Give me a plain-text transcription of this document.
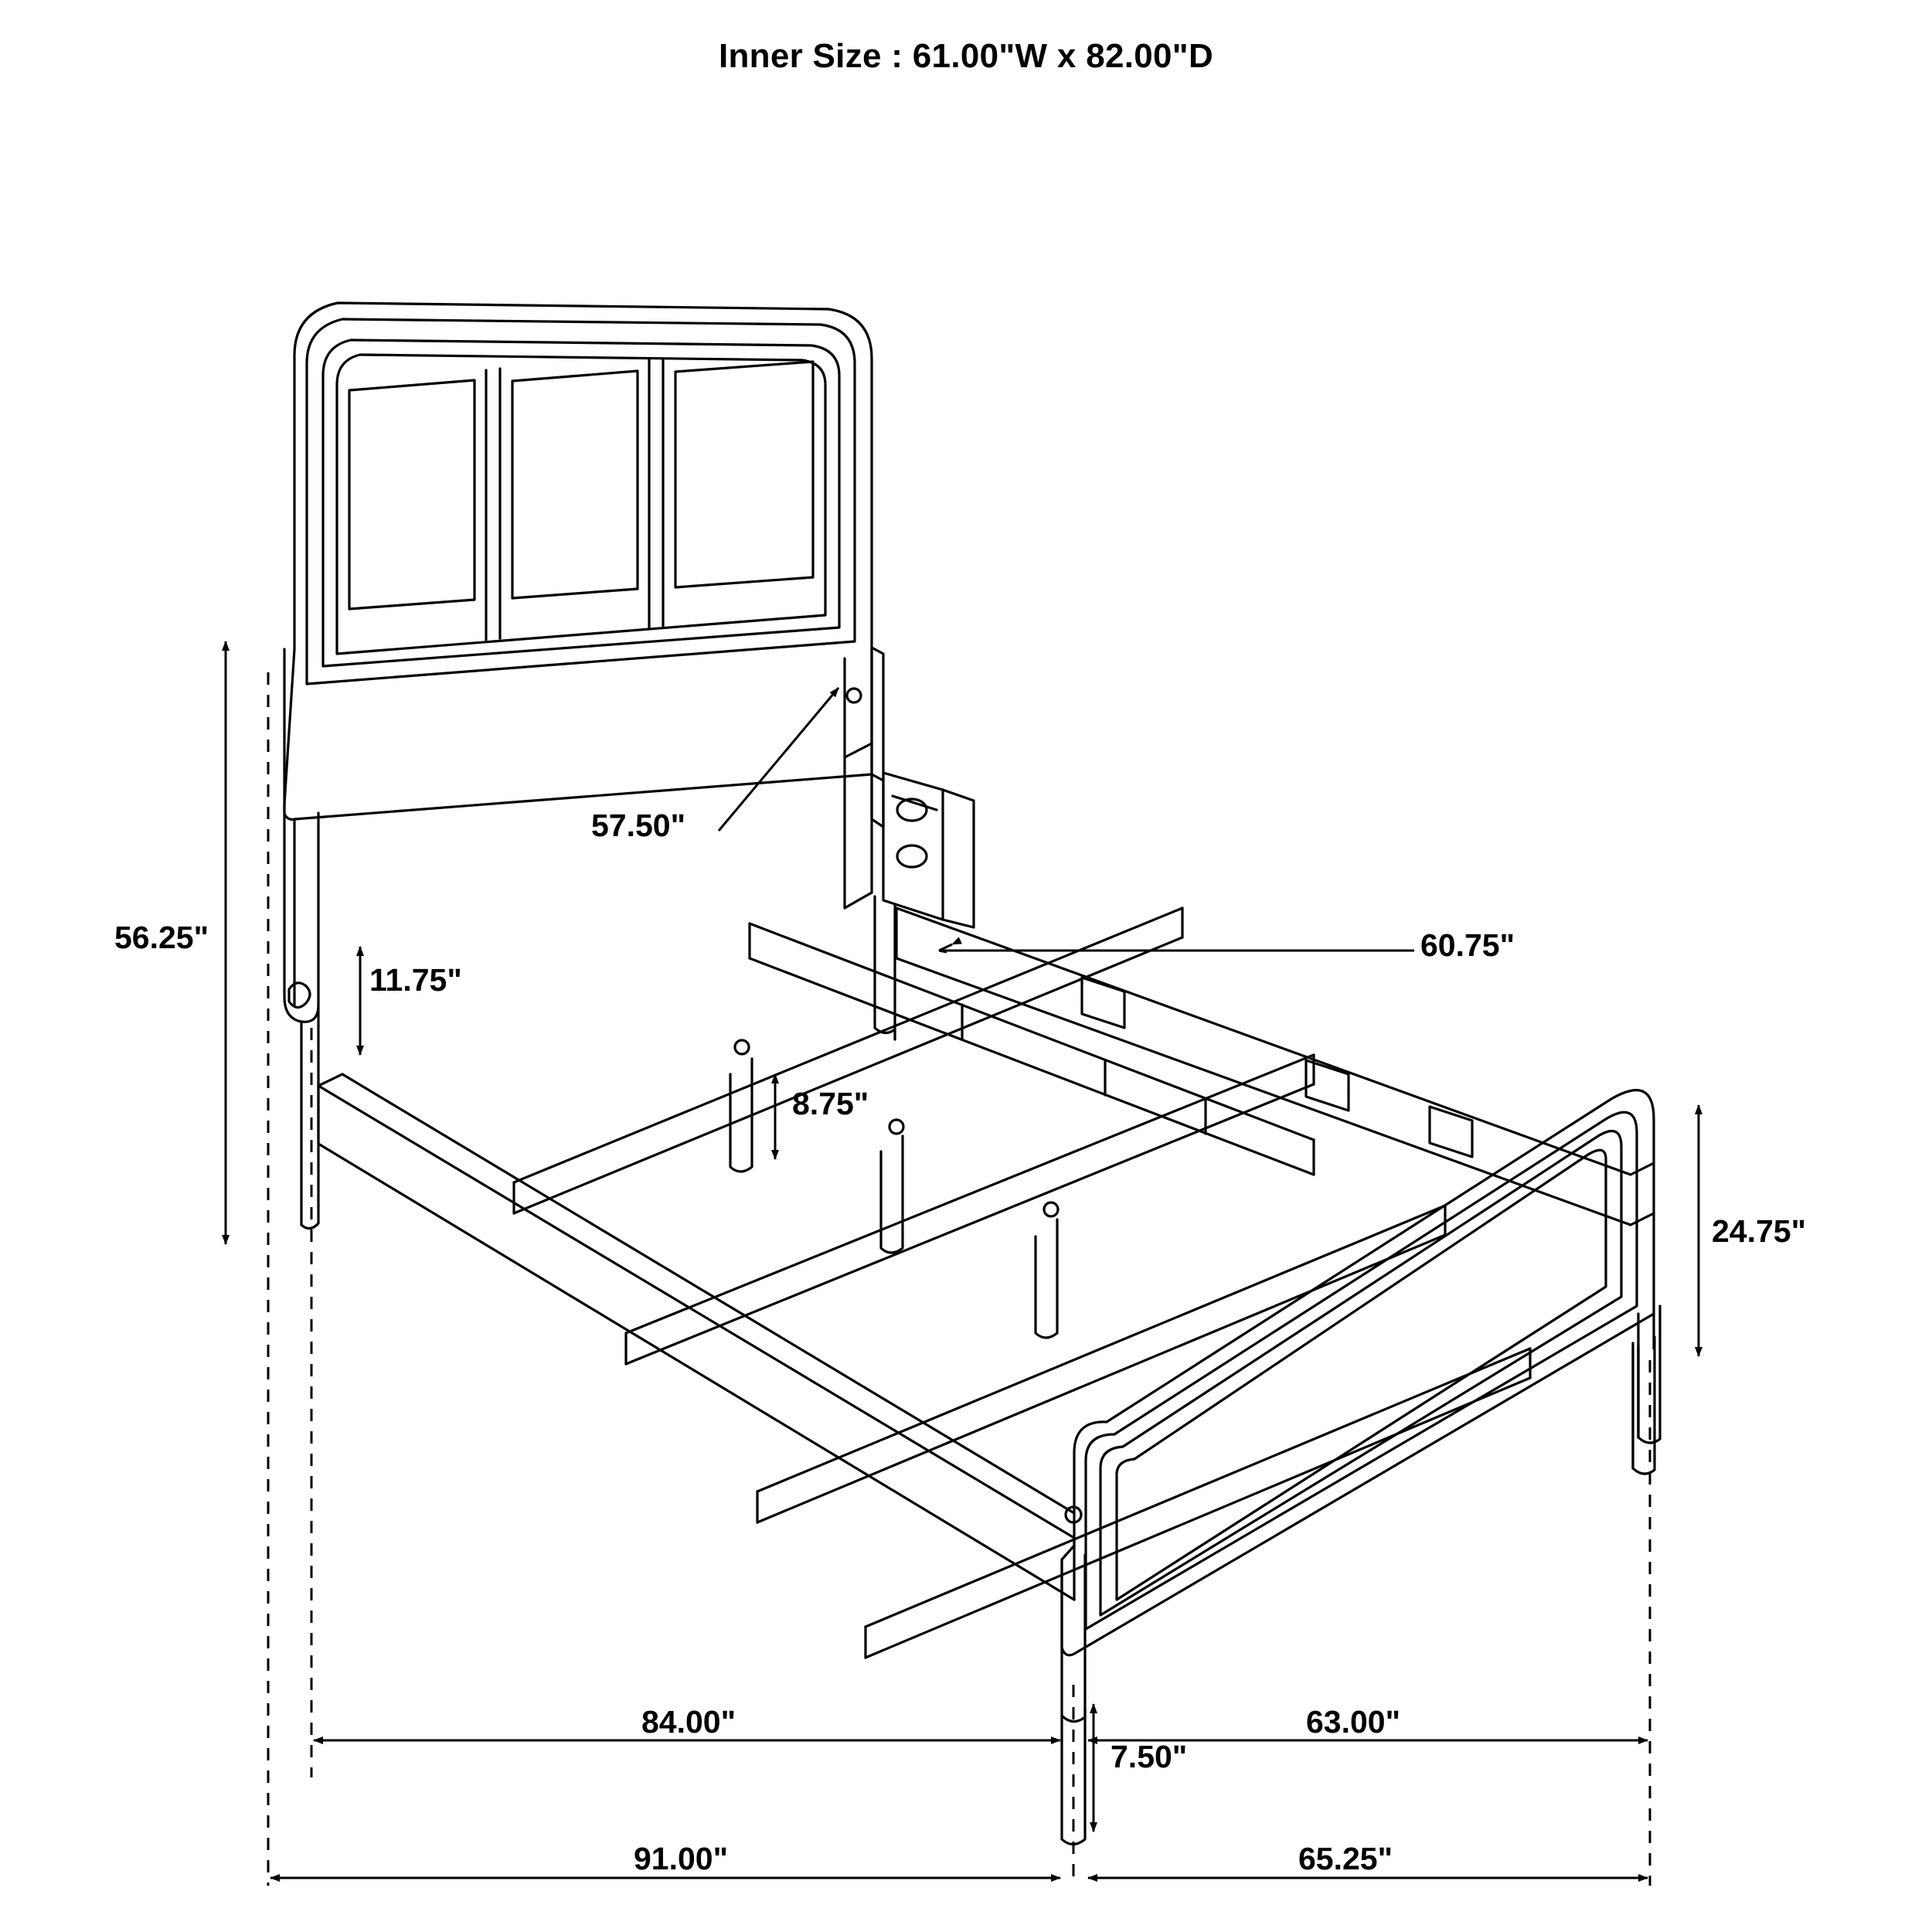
Inner Size : 61.00"W x 82.00"D
56.25"
57.50"
11.75"
60.75"
8.75"
24.75"
7.50"
84.00"	63.00"
91.00"	65.25"
